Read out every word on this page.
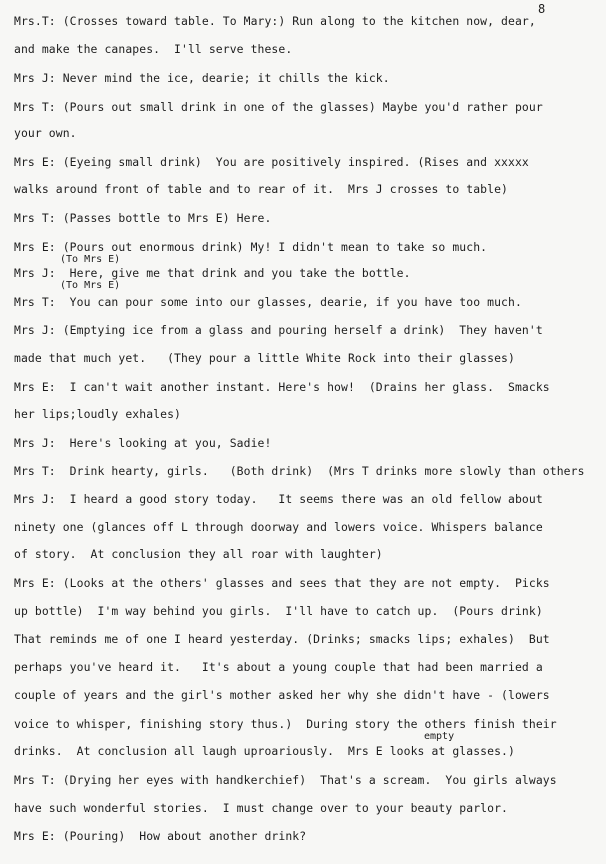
8
Mrs.T: (Crosses toward table. To Mary:) Run along to the kitchen now, dear,
and make the canapes.  I'll serve these.
Mrs J: Never mind the ice, dearie; it chills the kick.
Mrs T: (Pours out small drink in one of the glasses) Maybe you'd rather pour
your own.
Mrs E: (Eyeing small drink)  You are positively inspired. (Rises and xxxxx
walks around front of table and to rear of it.  Mrs J crosses to table)
Mrs T: (Passes bottle to Mrs E) Here.
Mrs E: (Pours out enormous drink) My! I didn't mean to take so much.
(To Mrs E)
Mrs J:  Here, give me that drink and you take the bottle.
(To Mrs E)
Mrs T:  You can pour some into our glasses, dearie, if you have too much.
Mrs J: (Emptying ice from a glass and pouring herself a drink)  They haven't
made that much yet.   (They pour a little White Rock into their glasses)
Mrs E:  I can't wait another instant. Here's how!  (Drains her glass.  Smacks
her lips;loudly exhales)
Mrs J:  Here's looking at you, Sadie!
Mrs T:  Drink hearty, girls.   (Both drink)  (Mrs T drinks more slowly than others
Mrs J:  I heard a good story today.   It seems there was an old fellow about
ninety one (glances off L through doorway and lowers voice. Whispers balance
of story.  At conclusion they all roar with laughter)
Mrs E: (Looks at the others' glasses and sees that they are not empty.  Picks
up bottle)  I'm way behind you girls.  I'll have to catch up.  (Pours drink)
That reminds me of one I heard yesterday. (Drinks; smacks lips; exhales)  But
perhaps you've heard it.   It's about a young couple that had been married a
couple of years and the girl's mother asked her why she didn't have - (lowers
voice to whisper, finishing story thus.)  During story the others finish their
empty
drinks.  At conclusion all laugh uproariously.  Mrs E looks at glasses.)
Mrs T: (Drying her eyes with handkerchief)  That's a scream.  You girls always
have such wonderful stories.  I must change over to your beauty parlor.
Mrs E: (Pouring)  How about another drink?
